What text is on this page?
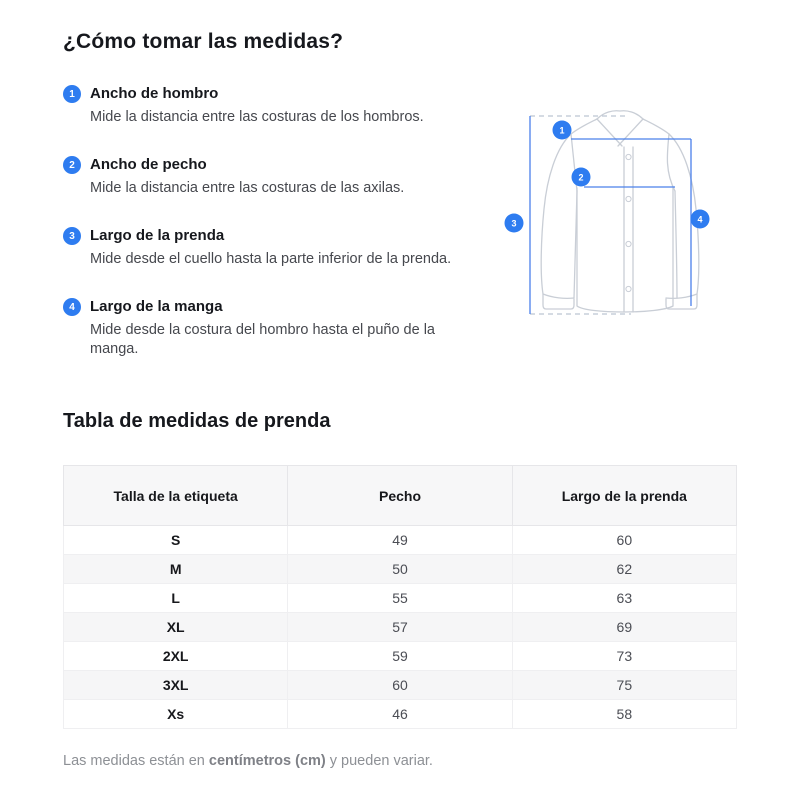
¿Cómo tomar las medidas?
1	Ancho de hombro
Mide la distancia entre las costuras de los hombros.
2	Ancho de pecho
Mide la distancia entre las costuras de las axilas.
3	Largo de la prenda
Mide desde el cuello hasta la parte inferior de la prenda.
4	Largo de la manga
Mide desde la costura del hombro hasta el puño de la manga.
1
2
3	4
Tabla de medidas de prenda
Talla de la etiqueta	Pecho	Largo de la prenda
S	49	60
M	50	62
L	55	63
XL	57	69
2XL	59	73
3XL	60	75
Xs	46	58

Las medidas están en centímetros (cm) y pueden variar.
